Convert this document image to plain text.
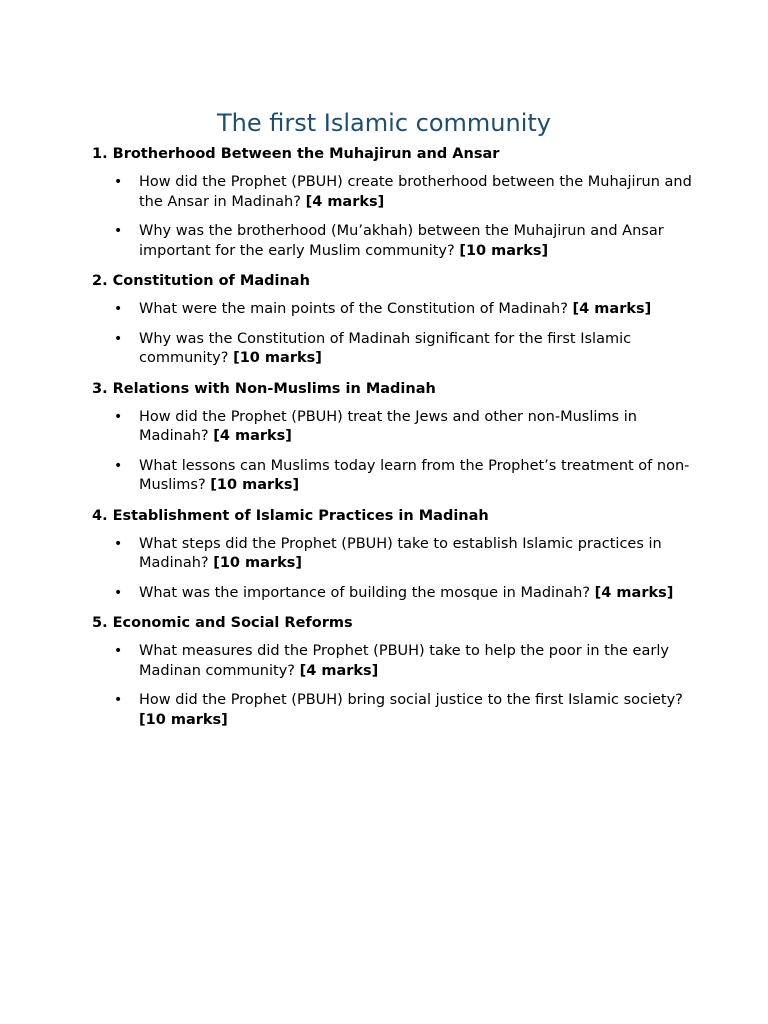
The first Islamic community

1. Brotherhood Between the Muhajirun and Ansar

• How did the Prophet (PBUH) create brotherhood between the Muhajirun and the Ansar in Madinah? [4 marks]
• Why was the brotherhood (Mu’akhah) between the Muhajirun and Ansar important for the early Muslim community? [10 marks]

2. Constitution of Madinah

• What were the main points of the Constitution of Madinah? [4 marks]
• Why was the Constitution of Madinah significant for the first Islamic community? [10 marks]

3. Relations with Non-Muslims in Madinah

• How did the Prophet (PBUH) treat the Jews and other non-Muslims in Madinah? [4 marks]
• What lessons can Muslims today learn from the Prophet’s treatment of non-Muslims? [10 marks]

4. Establishment of Islamic Practices in Madinah

• What steps did the Prophet (PBUH) take to establish Islamic practices in Madinah? [10 marks]
• What was the importance of building the mosque in Madinah? [4 marks]

5. Economic and Social Reforms

• What measures did the Prophet (PBUH) take to help the poor in the early Madinan community? [4 marks]
• How did the Prophet (PBUH) bring social justice to the first Islamic society? [10 marks]
